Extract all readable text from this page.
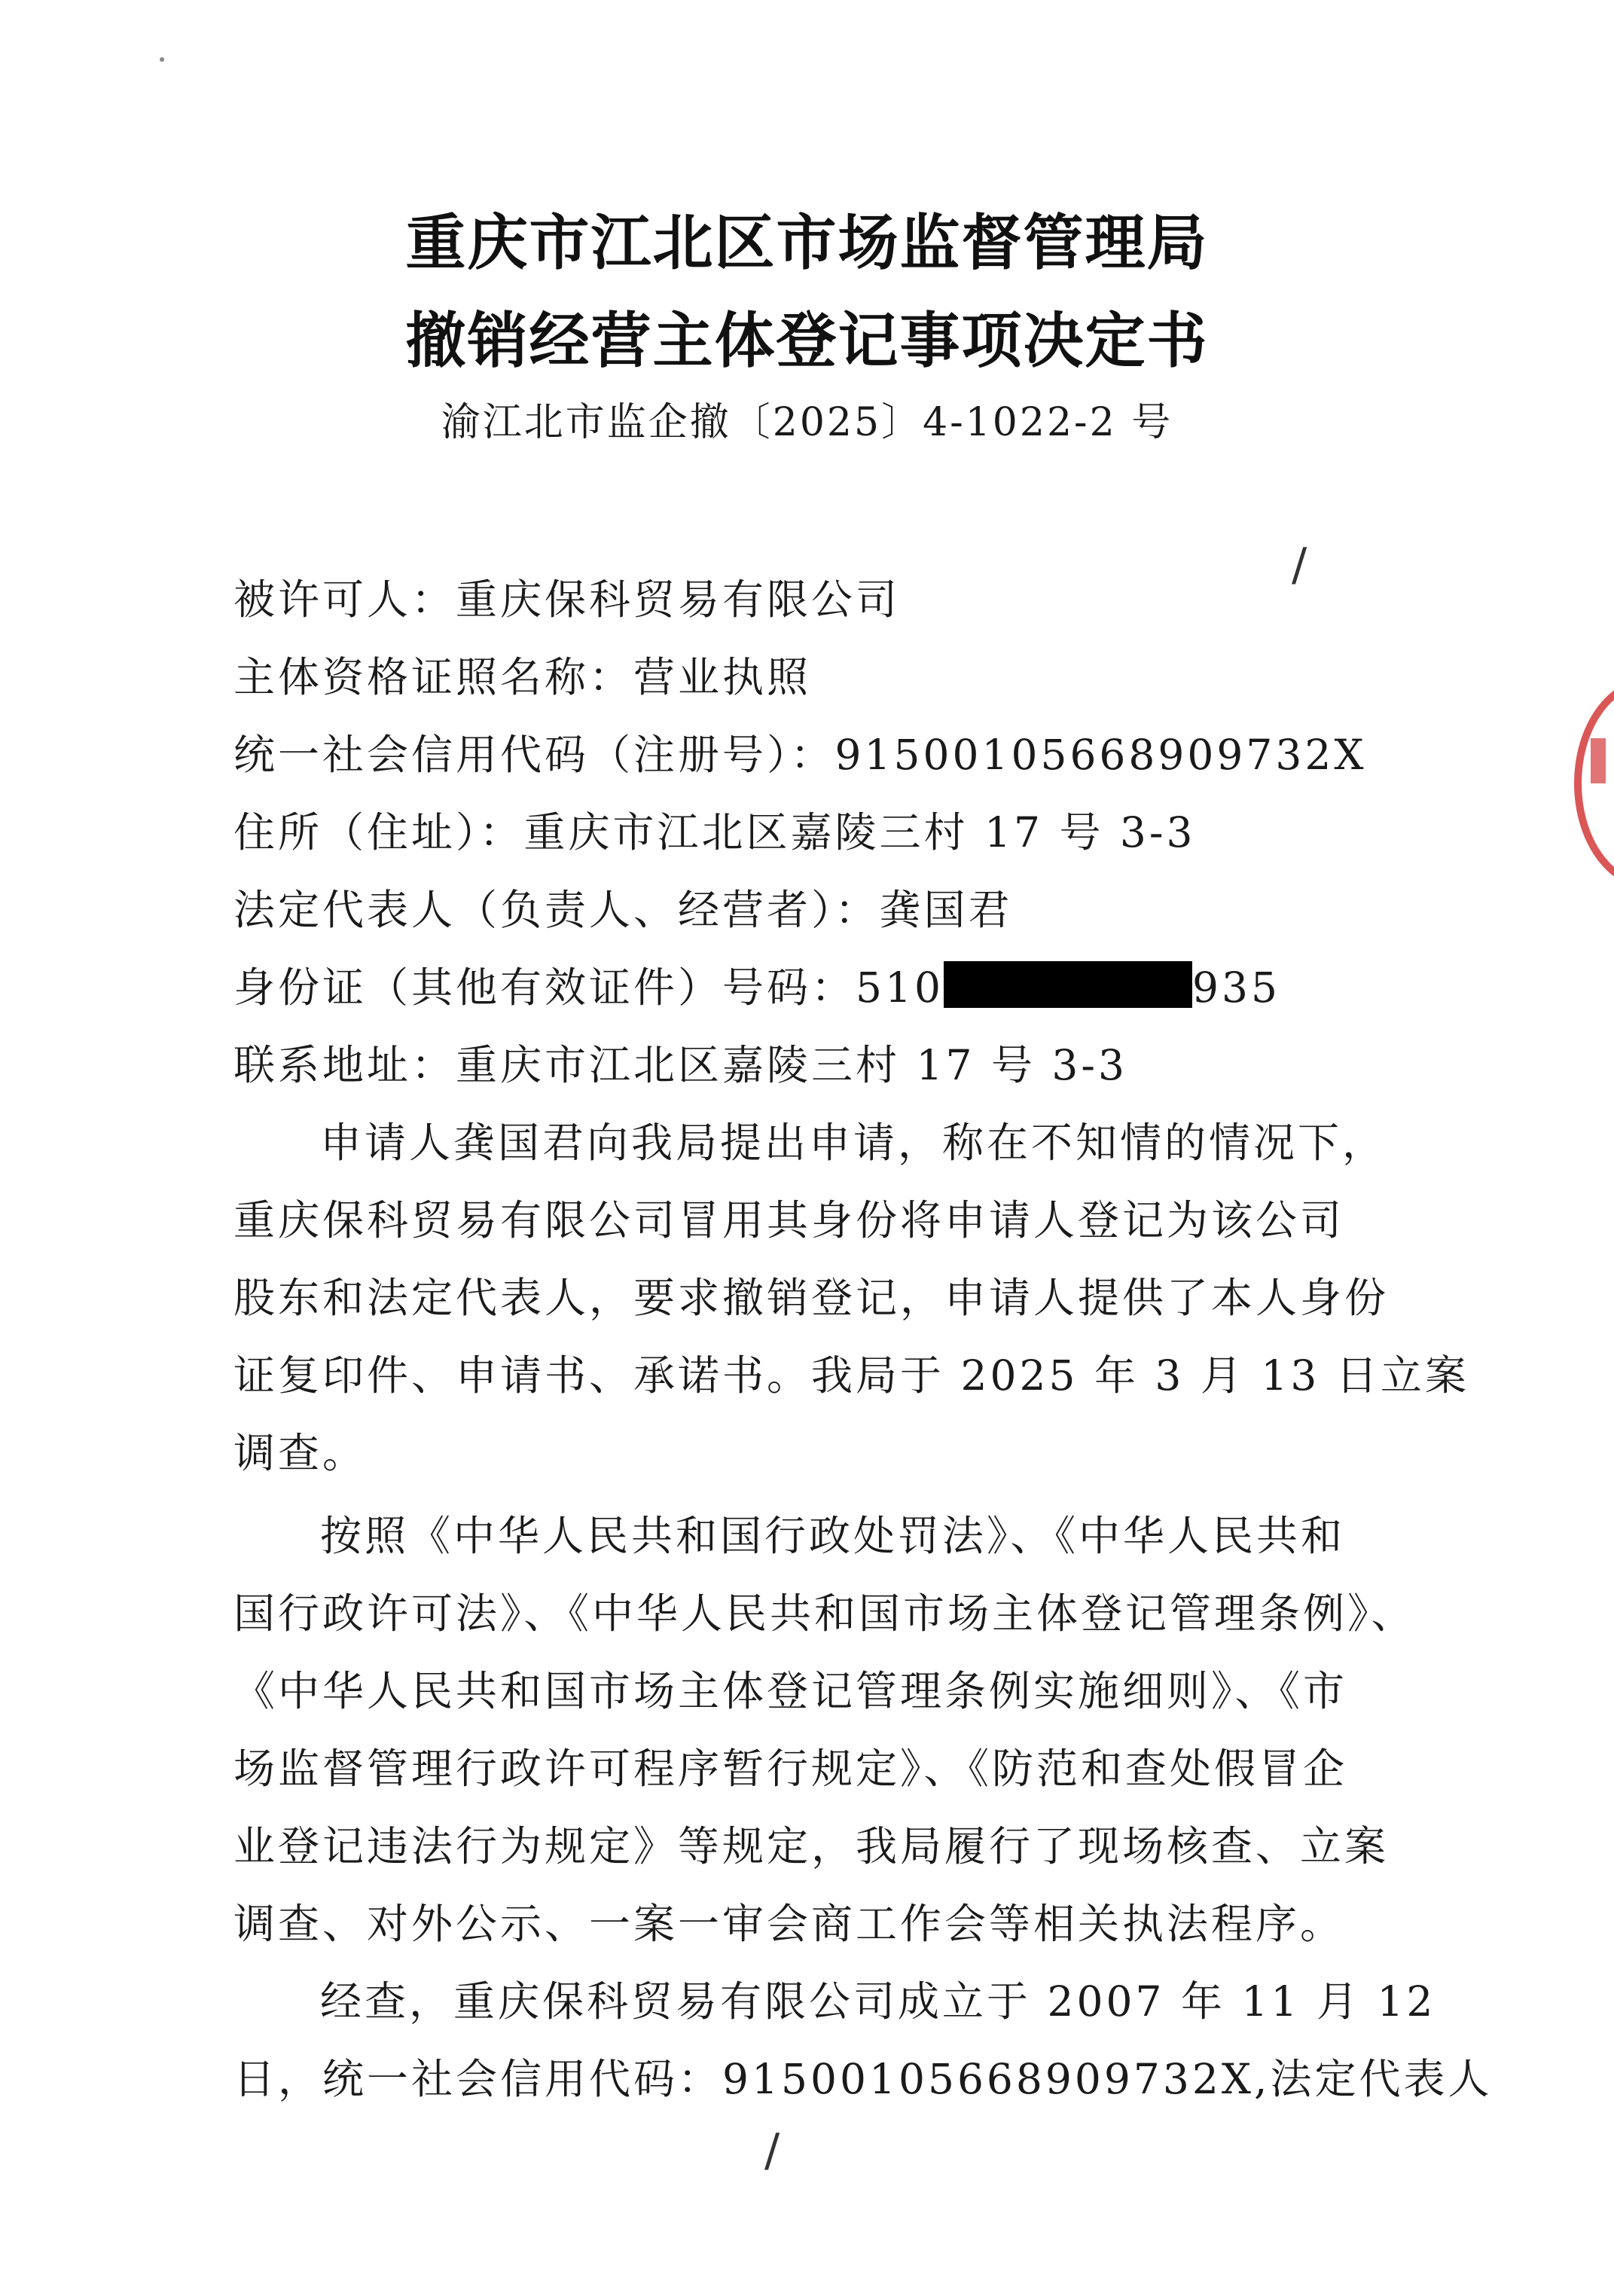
重庆市江北区市场监督管理局
撤销经营主体登记事项决定书
渝江北市监企撤〔2025〕4-1022-2 号
/
被许可人：重庆保科贸易有限公司
主体资格证照名称：营业执照
统一社会信用代码（注册号）：91500105668909732X
住所（住址）：重庆市江北区嘉陵三村 17 号 3-3
法定代表人（负责人、经营者）：龚国君
身份证（其他有效证件）号码：510	935
联系地址：重庆市江北区嘉陵三村 17 号 3-3
申请人龚国君向我局提出申请，称在不知情的情况下，
重庆保科贸易有限公司冒用其身份将申请人登记为该公司
股东和法定代表人，要求撤销登记，申请人提供了本人身份
证复印件、申请书、承诺书。我局于 2025 年 3 月 13 日立案
调查。
按照《中华人民共和国行政处罚法》、《中华人民共和
国行政许可法》、《中华人民共和国市场主体登记管理条例》、
《中华人民共和国市场主体登记管理条例实施细则》、《市
场监督管理行政许可程序暂行规定》、《防范和查处假冒企
业登记违法行为规定》等规定，我局履行了现场核查、立案
调查、对外公示、一案一审会商工作会等相关执法程序。
经查，重庆保科贸易有限公司成立于 2007 年 11 月 12
日，统一社会信用代码：91500105668909732X,法定代表人
/
